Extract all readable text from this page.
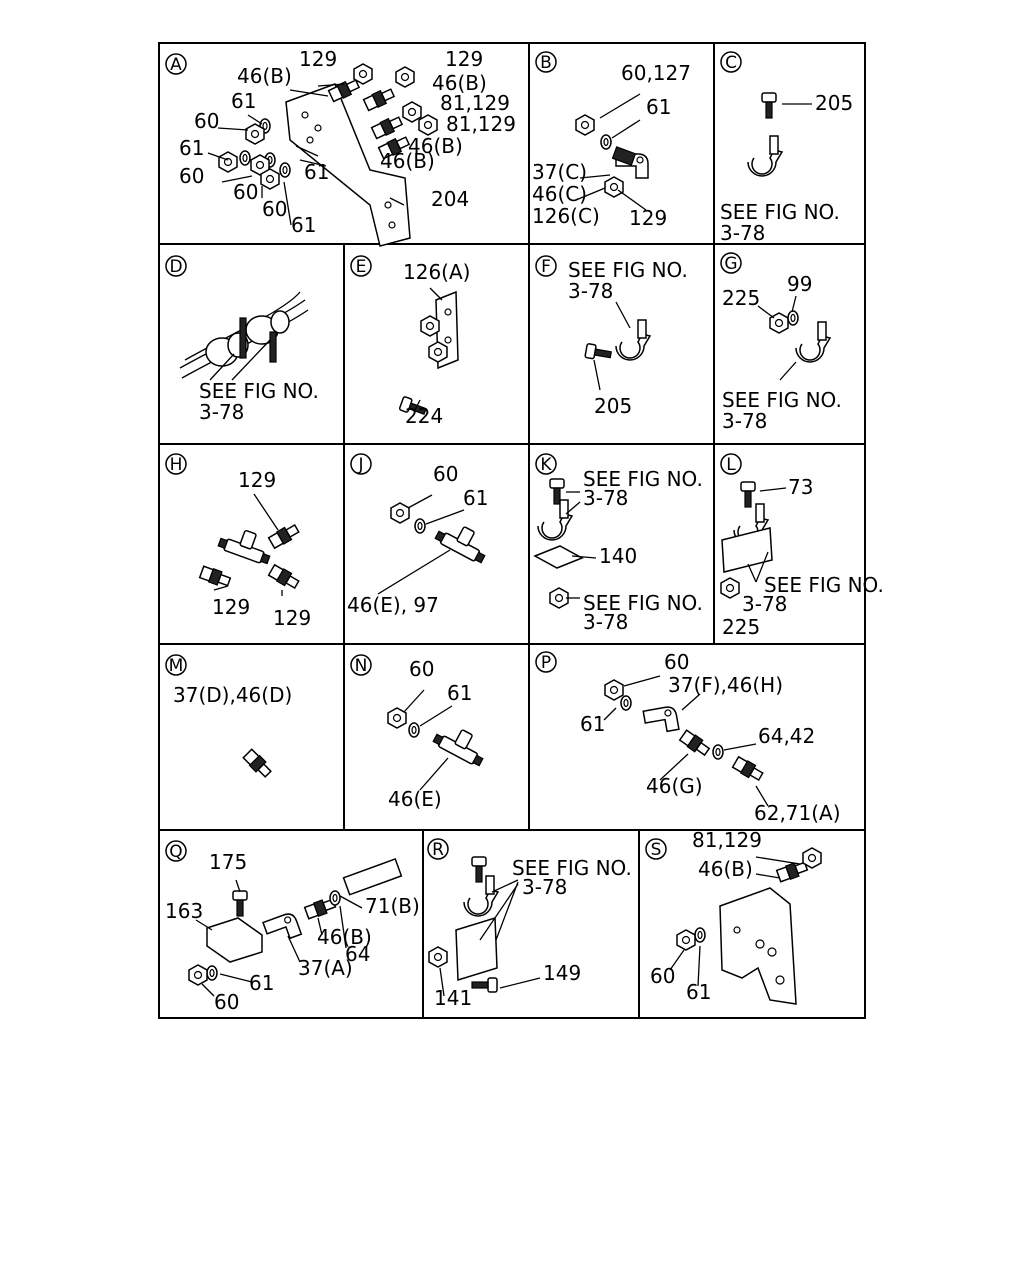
A	B	C
D	E	F	G
H	J	K	L
M	N	P
Q	R	S
129	129
46(B)	46(B)
61	81,129
60	81,129
61	46(B)
46(B)
60	61
60
60	204
61
60,127
61
37(C)
46(C)
126(C) 129
205
SEE FIG NO.
3-78
SEE FIG NO.
3-78
126(A)
224
SEE FIG NO.
3-78
205
99
225
SEE FIG NO.
3-78
129
129 129
60
61
46(E), 97
SEE FIG NO.
3-78
140
SEE FIG NO.
3-78
73
SEE FIG NO.
3-78
225
37(D),46(D)
60
61
46(E)
60
37(F),46(H)
61	64,42
46(G)
62,71(A)
175
163	71(B)
64
46(B)
37(A)
61
60
SEE FIG NO.
3-78
149
141
81,129
46(B)
60
61
